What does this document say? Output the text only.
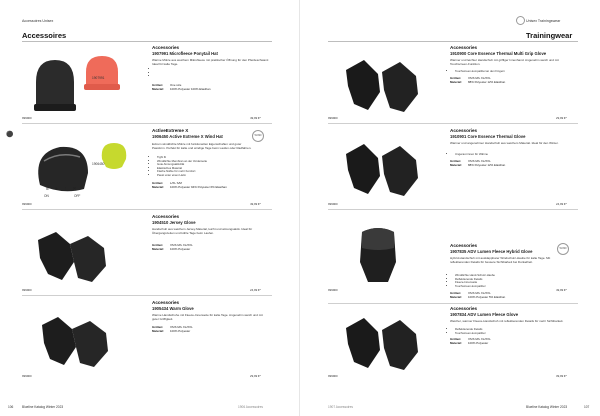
Accessoires Unisex
Accessoires
1907991
Accessories
1907991 Microfleece Ponytail Hat
Warme Mütze aus weichem Mikrofleece mit praktischer Öffnung für den Pferdeschwanz. Ideal für kalte Tage.
•
•
•
Größen: One size
Material: 100% Polyester 100% Elasthan
999900	49,99 €*
⚫
1906450
≡ ● ↑ ✕
ON	OFF
ActiveExtreme X
1906450 Active Extreme X Wind Hat	WIND
Extrem winddichte Mütze mit funktionellen Eigenschaften und guter Passform. Perfekt für kalte und windige Tage beim Laufen oder Radfahren.
• Tight fit
• Winddichte Membran an der Vorderseite
• Gute Atmungsaktivität
• Elastisches Material
• Flache Nähte für mehr Komfort
• Passt unter einen Helm
Größen: L/XL S/M
Material: 100% Polyester 94% Polyester 6% Elasthan
999900	49,99 €*
Accessories
1904510 Jersey Glove
Handschuh aus weichem Jersey-Material, leicht und atmungsaktiv. Ideal für Übergangszeiten und kühle Tage beim Laufen.
Größen: XS/S M/L XL/XXL
Material: 100% Polyester
999900	24,99 €*
Accessories
1905434 Warm Glove
Warme Handschuhe mit Fleece-Innenseite für kalte Tage. Angenehm weich und mit guter Griffigkeit.
Größen: XS/S M/L XL/XXL
Material: 100% Polyester
999900	29,99 €*
106	Blueline Katalog Winter 2023	1906 Accessoires
Unisex Trainingswear
Trainingwear
Accessories
1910900 Core Essence Thermal Multi Grip Glove
Warmer und leichter Handschuh mit griffiger Innenhand. Angenehm weich und mit Touchscreen-Funktion.
• Touchscreen-kompatibel an den Fingern
Größen: XS/S M/L XL/XXL
Material: 88% Polyester 12% Elasthan
999900	29,99 €*
Accessories
1910901 Core Essence Thermal Glove
Warmer und angenehmer Handschuh aus weichem Material. Ideal für den Winter.
• Ungeraut innen für Wärme
Größen: XS/S M/L XL/XXL
Material: 88% Polyester 12% Elasthan
999900	24,99 €*
Accessories
1907835 ADV Lumen Fleece Hybrid Glove
WIND
Hybrid-Handschuh mit ausklappbarer Windschutz-Haube für kalte Tage. Mit reflektierenden Details für bessere Sichtbarkeit bei Dunkelheit.
• Winddichte Hand-Schutz-Haube
• Reflektierende Details
• Fleece-Innenseite
• Touchscreen-kompatibel
Größen: XS/S M/L XL/XXL
Material: 100% Polyester 5% Elasthan
999900	49,99 €*
Accessories
1907834 ADV Lumen Fleece Glove
Weicher, warmer Fleece-Handschuh mit reflektierenden Details für mehr Sichtbarkeit.
• Reflektierende Details
• Touchscreen-kompatibel
Größen: XS/S M/L XL/XXL
Material: 100% Polyester
999900	39,99 €*
1907 Accessoires	Blueline Katalog Winter 2023	107
